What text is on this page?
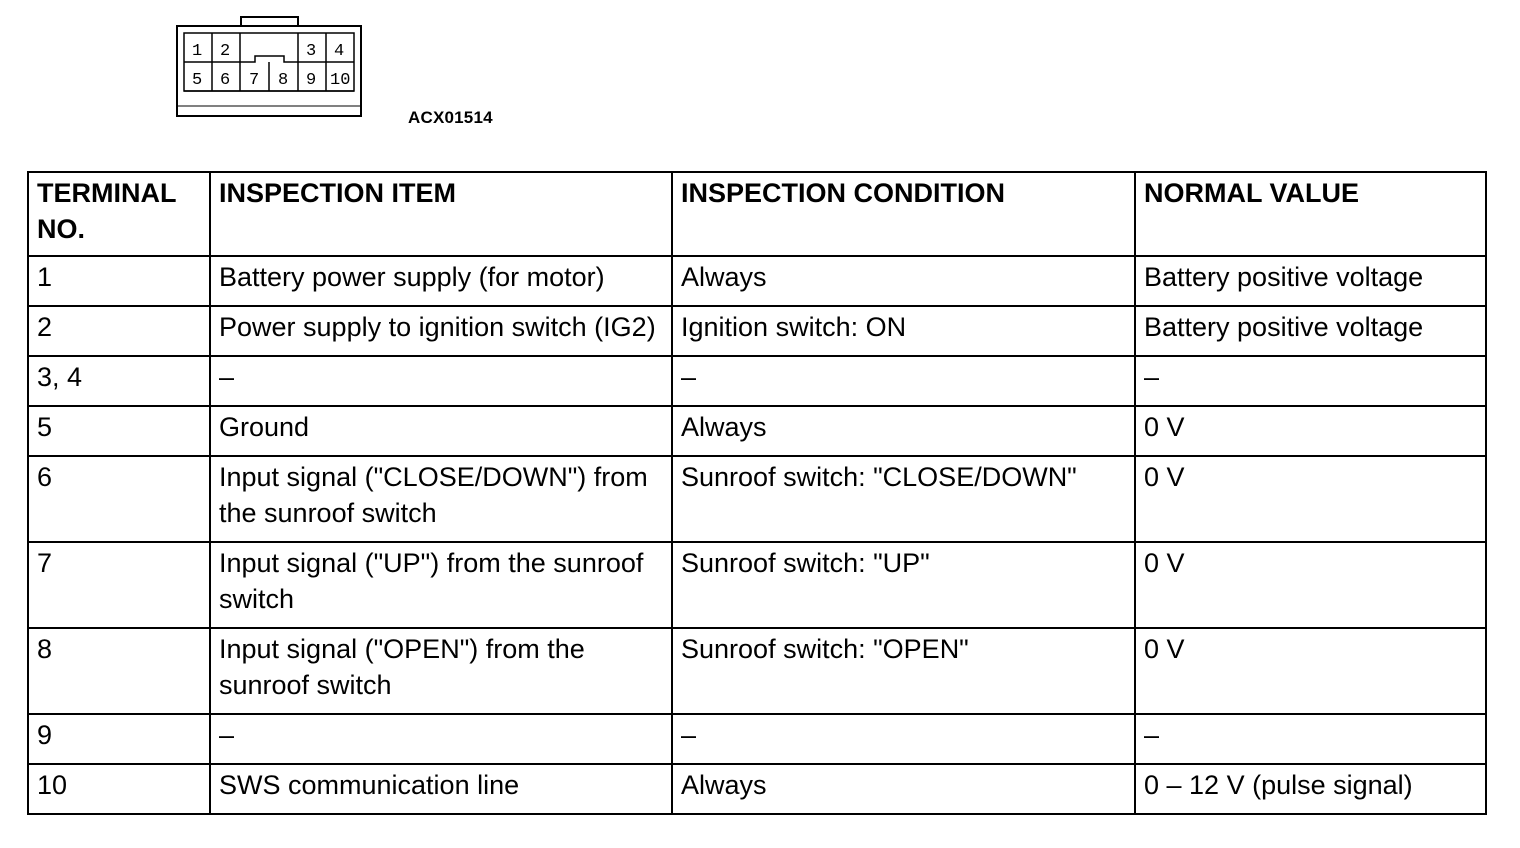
1 2	3 4
5 6 7 8 9 10
ACX01514
TERMINAL NO.	INSPECTION ITEM	INSPECTION CONDITION	NORMAL VALUE
1	Battery power supply (for motor)	Always	Battery positive voltage
2	Power supply to ignition switch (IG2)	Ignition switch: ON	Battery positive voltage
3, 4	–	–	–
5	Ground	Always	0 V
6	Input signal ("CLOSE/DOWN") from the sunroof switch	Sunroof switch: "CLOSE/DOWN"	0 V
7	Input signal ("UP") from the sunroof switch	Sunroof switch: "UP"	0 V
8	Input signal ("OPEN") from the sunroof switch	Sunroof switch: "OPEN"	0 V
9	–	–	–
10	SWS communication line	Always	0 – 12 V (pulse signal)
